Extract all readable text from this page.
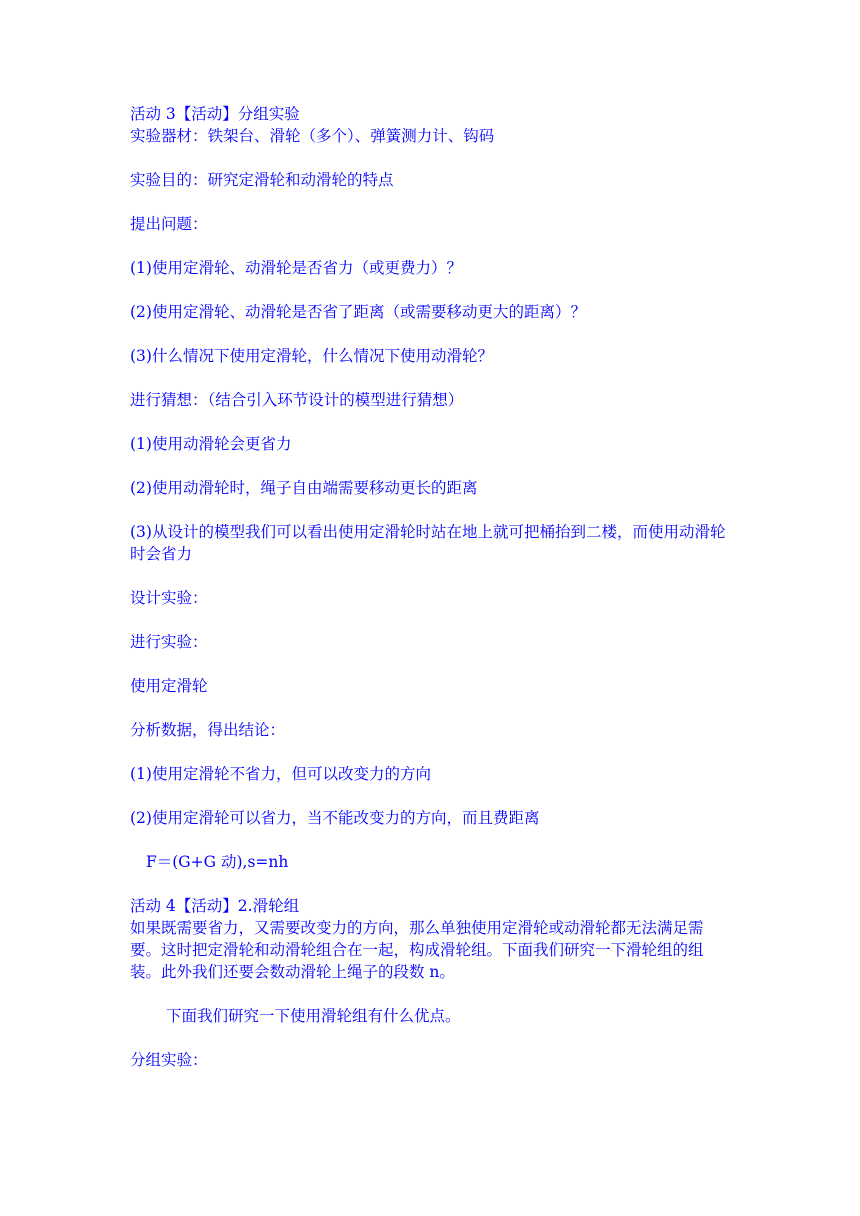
活动 3【活动】分组实验

实验器材：铁架台、滑轮（多个）、弹簧测力计、钩码

实验目的：研究定滑轮和动滑轮的特点

提出问题：

(1)使用定滑轮、动滑轮是否省力（或更费力）？

(2)使用定滑轮、动滑轮是否省了距离（或需要移动更大的距离）？

(3)什么情况下使用定滑轮，什么情况下使用动滑轮？

进行猜想：（结合引入环节设计的模型进行猜想）

(1)使用动滑轮会更省力

(2)使用动滑轮时，绳子自由端需要移动更长的距离

(3)从设计的模型我们可以看出使用定滑轮时站在地上就可把桶抬到二楼，而使用动滑轮时会省力

设计实验：

进行实验：

使用定滑轮

分析数据，得出结论：

(1)使用定滑轮不省力，但可以改变力的方向

(2)使用定滑轮可以省力，当不能改变力的方向，而且费距离

F＝(G+G 动),s=nh

活动 4【活动】2.滑轮组

如果既需要省力，又需要改变力的方向，那么单独使用定滑轮或动滑轮都无法满足需要。这时把定滑轮和动滑轮组合在一起，构成滑轮组。下面我们研究一下滑轮组的组装。此外我们还要会数动滑轮上绳子的段数 n。

下面我们研究一下使用滑轮组有什么优点。

分组实验：
